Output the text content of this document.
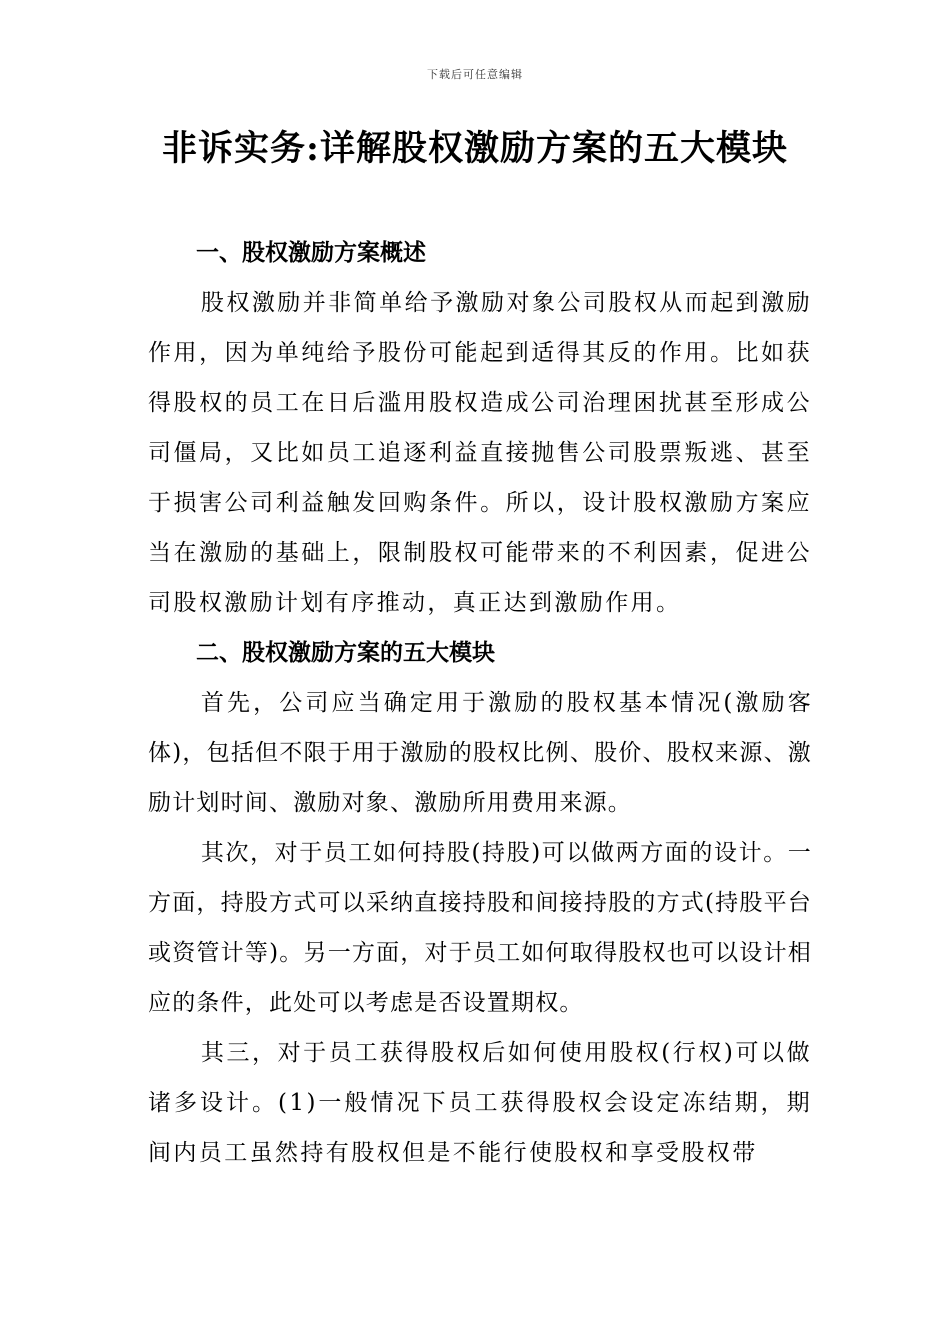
下载后可任意编辑
非诉实务:详解股权激励方案的五大模块
一、股权激励方案概述

股权激励并非简单给予激励对象公司股权从而起到激励作用，因为单纯给予股份可能起到适得其反的作用。比如获得股权的员工在日后滥用股权造成公司治理困扰甚至形成公司僵局，又比如员工追逐利益直接抛售公司股票叛逃、甚至于损害公司利益触发回购条件。所以，设计股权激励方案应当在激励的基础上，限制股权可能带来的不利因素，促进公司股权激励计划有序推动，真正达到激励作用。

二、股权激励方案的五大模块

首先，公司应当确定用于激励的股权基本情况(激励客体)，包括但不限于用于激励的股权比例、股价、股权来源、激励计划时间、激励对象、激励所用费用来源。

其次，对于员工如何持股(持股)可以做两方面的设计。一方面，持股方式可以采纳直接持股和间接持股的方式(持股平台或资管计等)。另一方面，对于员工如何取得股权也可以设计相应的条件，此处可以考虑是否设置期权。

其三，对于员工获得股权后如何使用股权(行权)可以做诸多设计。(1)一般情况下员工获得股权会设定冻结期，期间内员工虽然持有股权但是不能行使股权和享受股权带
